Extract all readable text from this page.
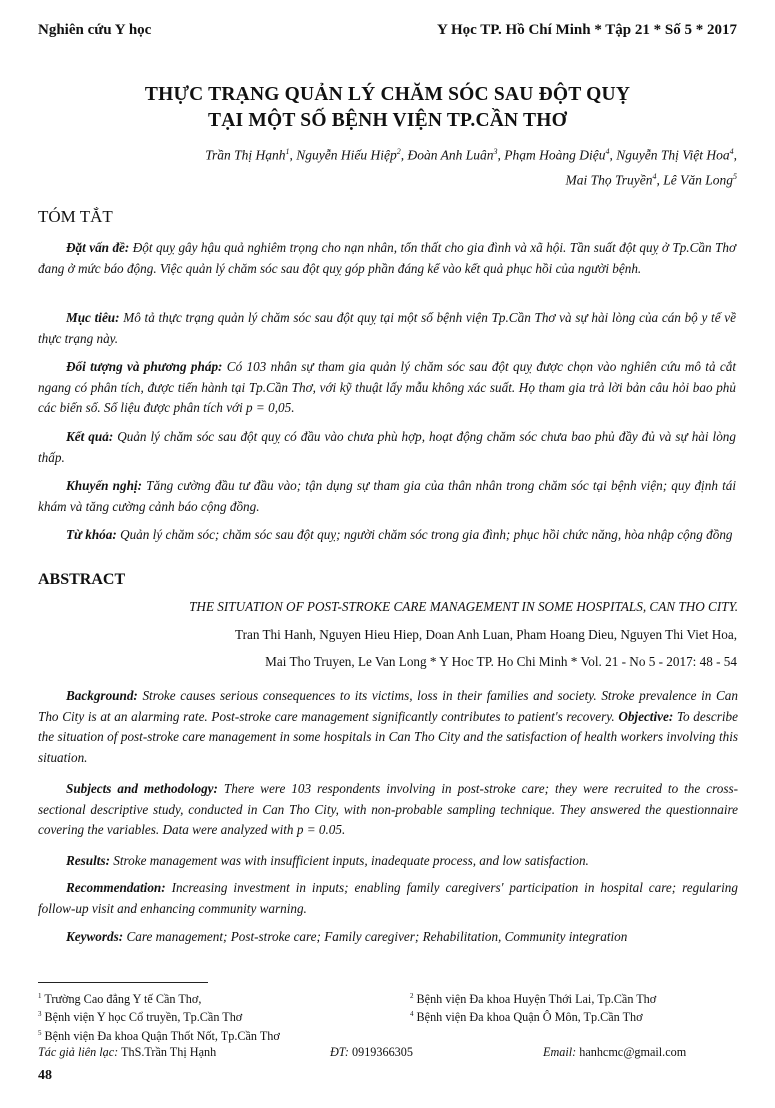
Nghiên cứu Y học	Y Học TP. Hồ Chí Minh * Tập 21 * Số 5 * 2017
THỰC TRẠNG QUẢN LÝ CHĂM SÓC SAU ĐỘT QUỴ
TẠI MỘT SỐ BỆNH VIỆN TP.CẦN THƠ
Trần Thị Hạnh$^1$, Nguyễn Hiếu Hiệp$^2$, Đoàn Anh Luân$^3$, Phạm Hoàng Diệu$^4$, Nguyễn Thị Việt Hoa$^4$,
Mai Thọ Truyền$^4$, Lê Văn Long$^5$
TÓM TẮT
Đặt vấn đề: Đột quỵ gây hậu quả nghiêm trọng cho nạn nhân, tổn thất cho gia đình và xã hội. Tần suất đột quỵ ở Tp.Cần Thơ đang ở mức báo động. Việc quản lý chăm sóc sau đột quỵ góp phần đáng kể vào kết quả phục hồi của người bệnh.
Mục tiêu: Mô tả thực trạng quản lý chăm sóc sau đột quỵ tại một số bệnh viện Tp.Cần Thơ và sự hài lòng của cán bộ y tế về thực trạng này.
Đối tượng và phương pháp: Có 103 nhân sự tham gia quản lý chăm sóc sau đột quỵ được chọn vào nghiên cứu mô tả cắt ngang có phân tích, được tiến hành tại Tp.Cần Thơ, với kỹ thuật lấy mẫu không xác suất. Họ tham gia trả lời bản câu hỏi bao phủ các biến số. Số liệu được phân tích với p = 0,05.
Kết quả: Quản lý chăm sóc sau đột quỵ có đầu vào chưa phù hợp, hoạt động chăm sóc chưa bao phủ đầy đủ và sự hài lòng thấp.
Khuyến nghị: Tăng cường đầu tư đầu vào; tận dụng sự tham gia của thân nhân trong chăm sóc tại bệnh viện; quy định tái khám và tăng cường cảnh báo cộng đồng.
Từ khóa: Quản lý chăm sóc; chăm sóc sau đột quỵ; người chăm sóc trong gia đình; phục hồi chức năng, hòa nhập cộng đồng
ABSTRACT
THE SITUATION OF POST-STROKE CARE MANAGEMENT IN SOME HOSPITALS, CAN THO CITY.
Tran Thi Hanh, Nguyen Hieu Hiep, Doan Anh Luan, Pham Hoang Dieu, Nguyen Thi Viet Hoa,
Mai Tho Truyen, Le Van Long * Y Hoc TP. Ho Chi Minh * Vol. 21 - No 5 - 2017: 48 - 54
Background: Stroke causes serious consequences to its victims, loss in their families and society. Stroke prevalence in Can Tho City is at an alarming rate. Post-stroke care management significantly contributes to patient's recovery. Objective: To describe the situation of post-stroke care management in some hospitals in Can Tho City and the satisfaction of health workers involving this situation.
Subjects and methodology: There were 103 respondents involving in post-stroke care; they were recruited to the cross-sectional descriptive study, conducted in Can Tho City, with non-probable sampling technique. They answered the questionnaire covering the variables. Data were analyzed with p = 0.05.
Results: Stroke management was with insufficient inputs, inadequate process, and low satisfaction.
Recommendation: Increasing investment in inputs; enabling family caregivers' participation in hospital care; regularing follow-up visit and enhancing community warning.
Keywords: Care management; Post-stroke care; Family caregiver; Rehabilitation, Community integration
$^1$ Trường Cao đẳng Y tế Cần Thơ,	$^2$ Bệnh viện Đa khoa Huyện Thới Lai, Tp.Cần Thơ
$^3$ Bệnh viện Y học Cổ truyền, Tp.Cần Thơ	$^4$ Bệnh viện Đa khoa Quận Ô Môn, Tp.Cần Thơ
$^5$ Bệnh viện Đa khoa Quận Thốt Nốt, Tp.Cần Thơ
Tác giả liên lạc: ThS.Trần Thị Hạnh	ĐT: 0919366305	Email: hanhcmc@gmail.com
48
